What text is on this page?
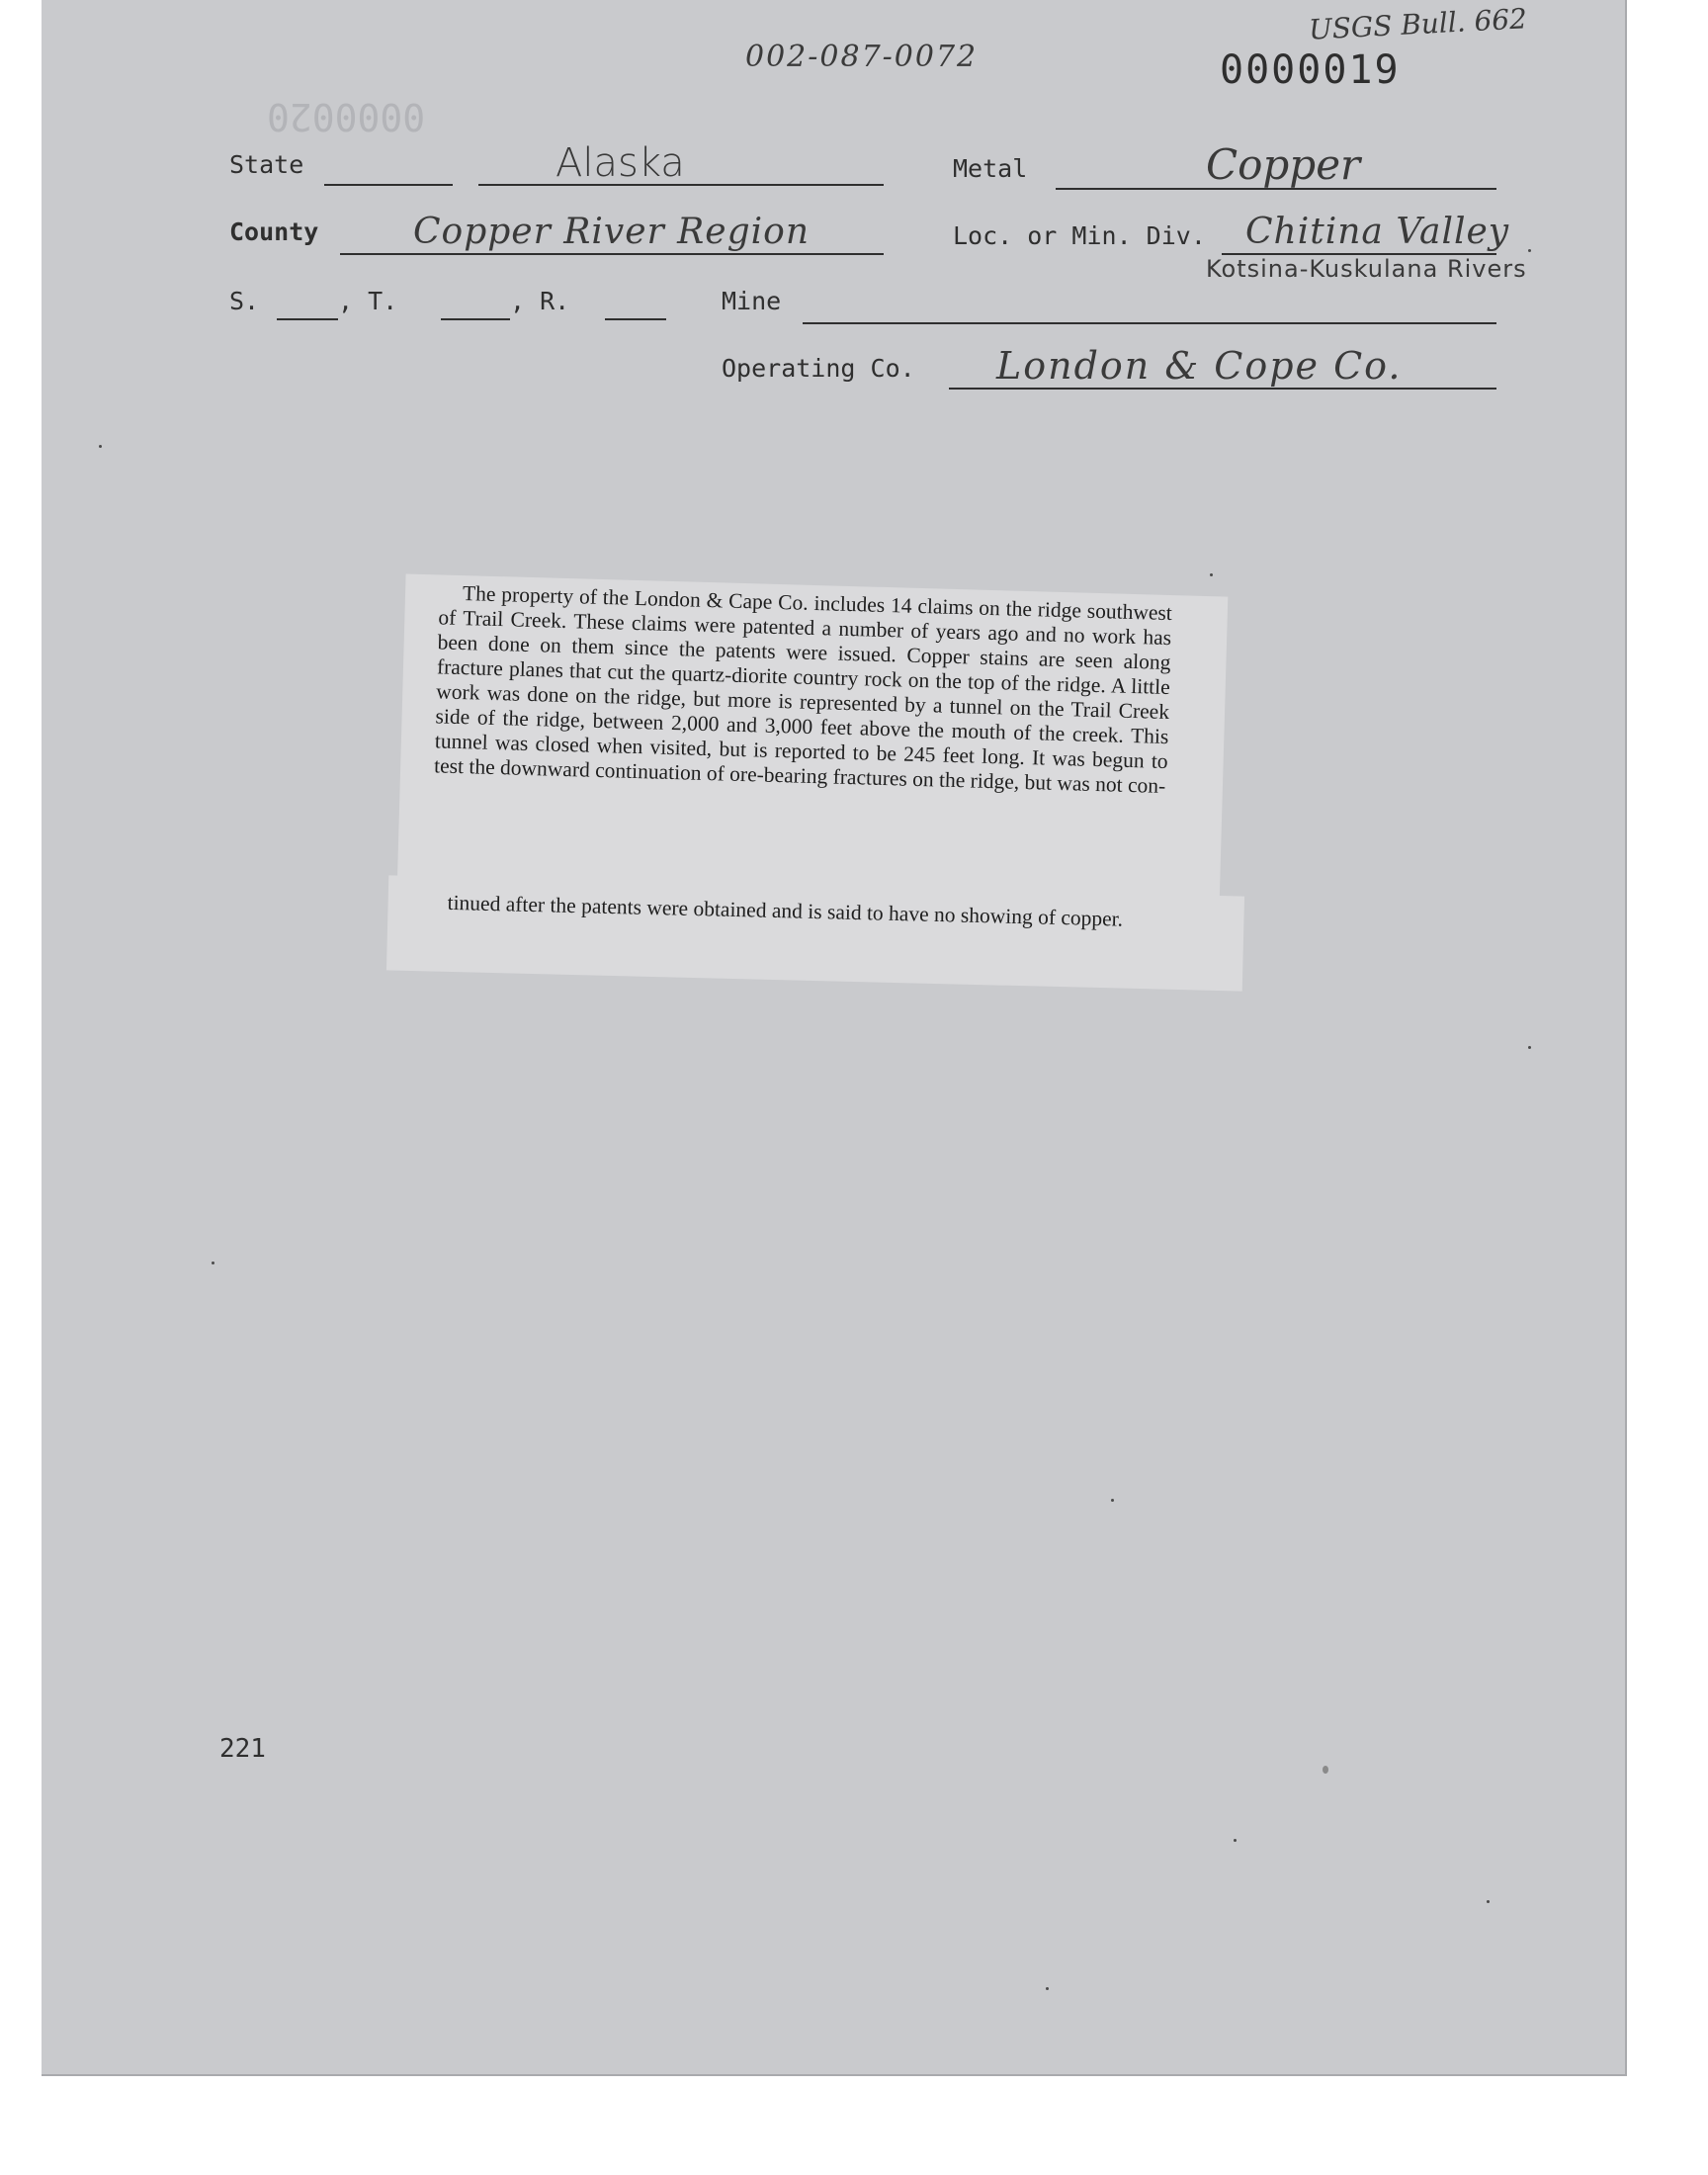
USGS Bull. 662
002-087-0072	0000019
0000020
State	Alaska	Metal	Copper
County	Copper River Region	Loc. or Min. Div. Chitina Valley
Kotsina-Kuskulana Rivers
S.	, T.	, R.	Mine
Operating Co. London & Cope Co.

The property of the London & Cape Co. includes 14 claims on the ridge southwest of Trail Creek. These claims were patented a number of years ago and no work has been done on them since the patents were issued. Copper stains are seen along fracture planes that cut the quartz-diorite country rock on the top of the ridge. A little work was done on the ridge, but more is represented by a tunnel on the Trail Creek side of the ridge, between 2,000 and 3,000 feet above the mouth of the creek. This tunnel was closed when visited, but is reported to be 245 feet long. It was begun to test the downward continuation of ore-bearing fractures on the ridge, but was not con-

tinued after the patents were obtained and is said to have no showing of copper.

221
